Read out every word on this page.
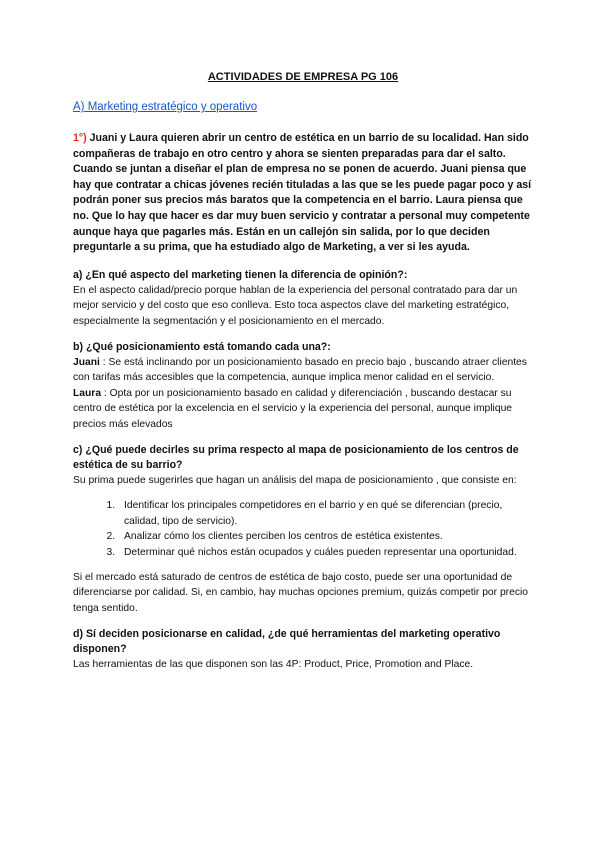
ACTIVIDADES DE EMPRESA PG 106

A) Marketing estratégico y operativo

1°) Juani y Laura quieren abrir un centro de estética en un barrio de su localidad. Han sido compañeras de trabajo en otro centro y ahora se sienten preparadas para dar el salto. Cuando se juntan a diseñar el plan de empresa no se ponen de acuerdo. Juani piensa que hay que contratar a chicas jóvenes recién tituladas a las que se les puede pagar poco y así podrán poner sus precios más baratos que la competencia en el barrio. Laura piensa que no. Que lo hay que hacer es dar muy buen servicio y contratar a personal muy competente aunque haya que pagarles más. Están en un callejón sin salida, por lo que deciden preguntarle a su prima, que ha estudiado algo de Marketing, a ver si les ayuda.

a) ¿En qué aspecto del marketing tienen la diferencia de opinión?:

En el aspecto calidad/precio porque hablan de la experiencia del personal contratado para dar un mejor servicio y del costo que eso conlleva. Esto toca aspectos clave del marketing estratégico, especialmente la segmentación y el posicionamiento en el mercado.

b) ¿Qué posicionamiento está tomando cada una?:

Juani : Se está inclinando por un posicionamiento basado en precio bajo , buscando atraer clientes con tarifas más accesibles que la competencia, aunque implica menor calidad en el servicio.

Laura : Opta por un posicionamiento basado en calidad y diferenciación , buscando destacar su centro de estética por la excelencia en el servicio y la experiencia del personal, aunque implique precios más elevados

c) ¿Qué puede decirles su prima respecto al mapa de posicionamiento de los centros de estética de su barrio?

Su prima puede sugerirles que hagan un análisis del mapa de posicionamiento , que consiste en:

1. Identificar los principales competidores en el barrio y en qué se diferencian (precio, calidad, tipo de servicio).
2. Analizar cómo los clientes perciben los centros de estética existentes.
3. Determinar qué nichos están ocupados y cuáles pueden representar una oportunidad.

Si el mercado está saturado de centros de estética de bajo costo, puede ser una oportunidad de diferenciarse por calidad. Si, en cambio, hay muchas opciones premium, quizás competir por precio tenga sentido.

d) Sí deciden posicionarse en calidad, ¿de qué herramientas del marketing operativo disponen?

Las herramientas de las que disponen son las 4P: Product, Price, Promotion and Place.
